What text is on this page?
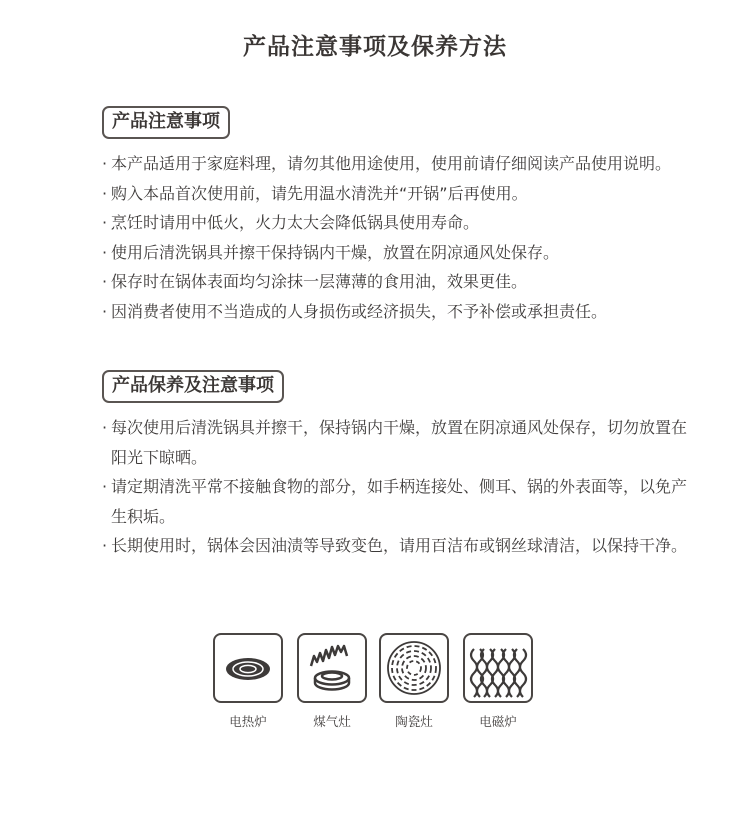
产品注意事项及保养方法
产品注意事项
· 本产品适用于家庭料理，请勿其他用途使用，使用前请仔细阅读产品使用说明。
· 购入本品首次使用前，请先用温水清洗并“开锅”后再使用。
· 烹饪时请用中低火，火力太大会降低锅具使用寿命。
· 使用后清洗锅具并擦干保持锅内干燥，放置在阴凉通风处保存。
· 保存时在锅体表面均匀涂抹一层薄薄的食用油，效果更佳。
· 因消费者使用不当造成的人身损伤或经济损失，不予补偿或承担责任。
产品保养及注意事项
· 每次使用后清洗锅具并擦干，保持锅内干燥，放置在阴凉通风处保存，切勿放置在阳光下晾晒。
· 请定期清洗平常不接触食物的部分，如手柄连接处、侧耳、锅的外表面等，以免产生积垢。
· 长期使用时，锅体会因油渍等导致变色，请用百洁布或钢丝球清洁，以保持干净。
电热炉	煤气灶	陶瓷灶	电磁炉
